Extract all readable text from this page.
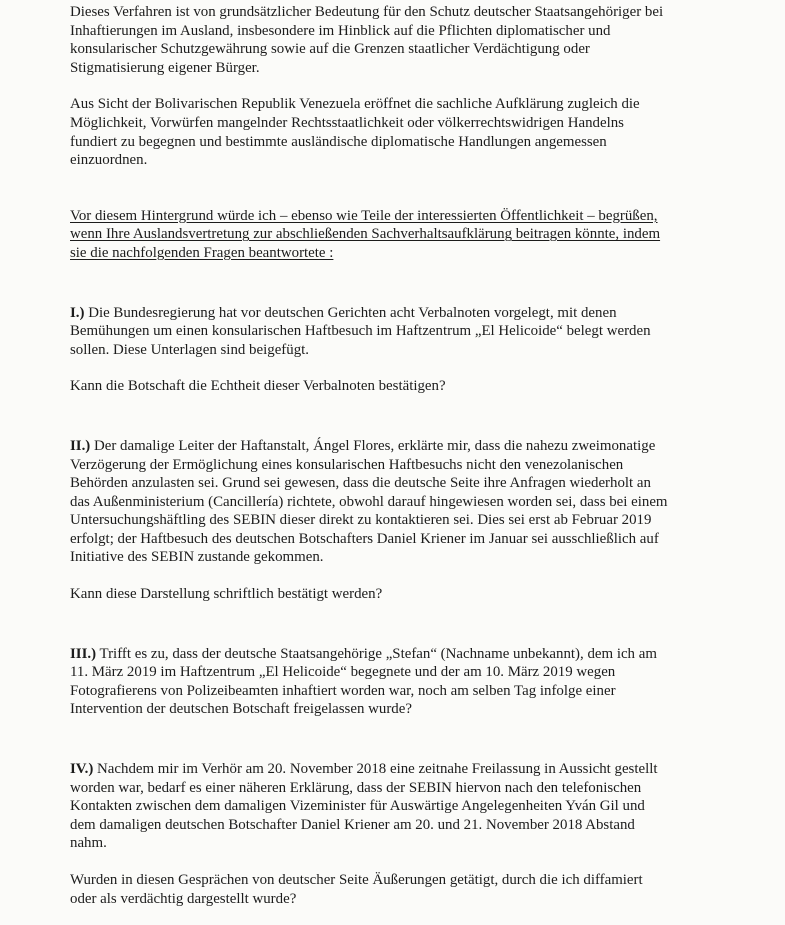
Dieses Verfahren ist von grundsätzlicher Bedeutung für den Schutz deutscher Staatsangehöriger bei
Inhaftierungen im Ausland, insbesondere im Hinblick auf die Pflichten diplomatischer und
konsularischer Schutzgewährung sowie auf die Grenzen staatlicher Verdächtigung oder
Stigmatisierung eigener Bürger.

Aus Sicht der Bolivarischen Republik Venezuela eröffnet die sachliche Aufklärung zugleich die
Möglichkeit, Vorwürfen mangelnder Rechtsstaatlichkeit oder völkerrechtswidrigen Handelns
fundiert zu begegnen und bestimmte ausländische diplomatische Handlungen angemessen
einzuordnen.

Vor diesem Hintergrund würde ich – ebenso wie Teile der interessierten Öffentlichkeit – begrüßen,
wenn Ihre Auslandsvertretung zur abschließenden Sachverhaltsaufklärung beitragen könnte, indem
sie die nachfolgenden Fragen beantwortete :

I.) Die Bundesregierung hat vor deutschen Gerichten acht Verbalnoten vorgelegt, mit denen
Bemühungen um einen konsularischen Haftbesuch im Haftzentrum „El Helicoide“ belegt werden
sollen. Diese Unterlagen sind beigefügt.

Kann die Botschaft die Echtheit dieser Verbalnoten bestätigen?

II.) Der damalige Leiter der Haftanstalt, Ángel Flores, erklärte mir, dass die nahezu zweimonatige
Verzögerung der Ermöglichung eines konsularischen Haftbesuchs nicht den venezolanischen
Behörden anzulasten sei. Grund sei gewesen, dass die deutsche Seite ihre Anfragen wiederholt an
das Außenministerium (Cancillería) richtete, obwohl darauf hingewiesen worden sei, dass bei einem
Untersuchungshäftling des SEBIN dieser direkt zu kontaktieren sei. Dies sei erst ab Februar 2019
erfolgt; der Haftbesuch des deutschen Botschafters Daniel Kriener im Januar sei ausschließlich auf
Initiative des SEBIN zustande gekommen.

Kann diese Darstellung schriftlich bestätigt werden?

III.) Trifft es zu, dass der deutsche Staatsangehörige „Stefan“ (Nachname unbekannt), dem ich am
11. März 2019 im Haftzentrum „El Helicoide“ begegnete und der am 10. März 2019 wegen
Fotografierens von Polizeibeamten inhaftiert worden war, noch am selben Tag infolge einer
Intervention der deutschen Botschaft freigelassen wurde?

IV.) Nachdem mir im Verhör am 20. November 2018 eine zeitnahe Freilassung in Aussicht gestellt
worden war, bedarf es einer näheren Erklärung, dass der SEBIN hiervon nach den telefonischen
Kontakten zwischen dem damaligen Vizeminister für Auswärtige Angelegenheiten Yván Gil und
dem damaligen deutschen Botschafter Daniel Kriener am 20. und 21. November 2018 Abstand
nahm.

Wurden in diesen Gesprächen von deutscher Seite Äußerungen getätigt, durch die ich diffamiert
oder als verdächtig dargestellt wurde?
